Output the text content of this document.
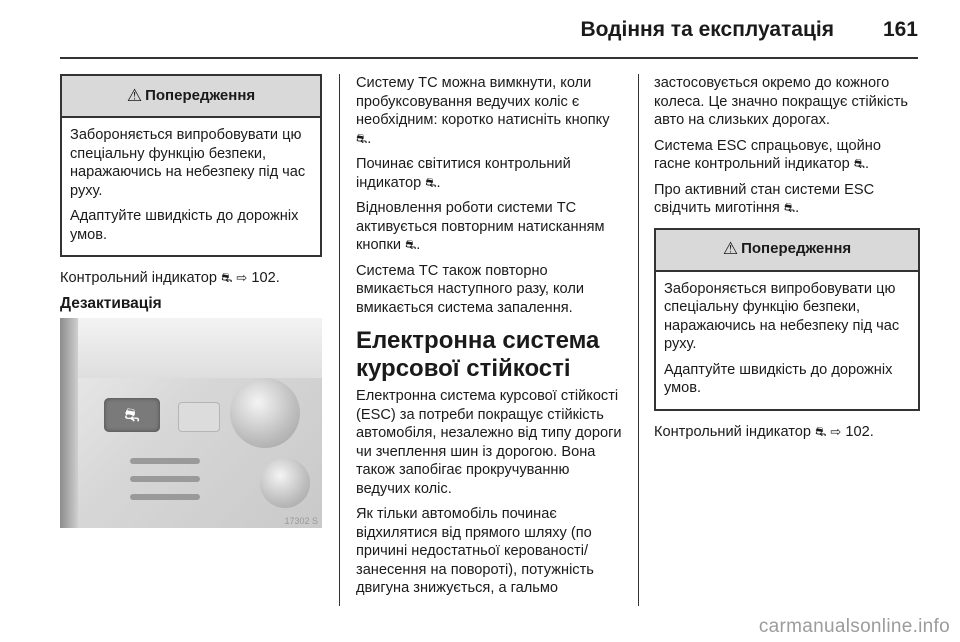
Водіння та експлуатація 161
⚠ Попередження

Забороняється випробовувати цю спеціальну функцію безпеки, наражаючись на небезпеку під час руху.

Адаптуйте швидкість до дорожніх умов.

Контрольний індикатор ⛐ ⇨ 102.

Дезактивація
⛐
17302 S

Систему TC можна вимкнути, коли пробуксовування ведучих коліс є необхідним: коротко натисніть кнопку ⛐.

Починає світитися контрольний індикатор ⛐.

Відновлення роботи системи TC активується повторним натисканням кнопки ⛐.

Система TC також повторно вмикається наступного разу, коли вмикається система запалення.

Електронна система курсової стійкості

Електронна система курсової стійкості (ESC) за потреби покращує стійкість автомобіля, незалежно від типу дороги чи зчеплення шин із дорогою. Вона також запобігає прокручуванню ведучих коліс.

Як тільки автомобіль починає відхилятися від прямого шляху (по причині недостатньої керованості/ занесення на повороті), потужність двигуна знижується, а гальмо

застосовується окремо до кожного колеса. Це значно покращує стійкість авто на слизьких дорогах.

Система ESC спрацьовує, щойно гасне контрольний індикатор ⛐.

Про активний стан системи ESC свідчить миготіння ⛐.

⚠ Попередження

Забороняється випробовувати цю спеціальну функцію безпеки, наражаючись на небезпеку під час руху.

Адаптуйте швидкість до дорожніх умов.

Контрольний індикатор ⛐ ⇨ 102.

carmanualsonline.info
